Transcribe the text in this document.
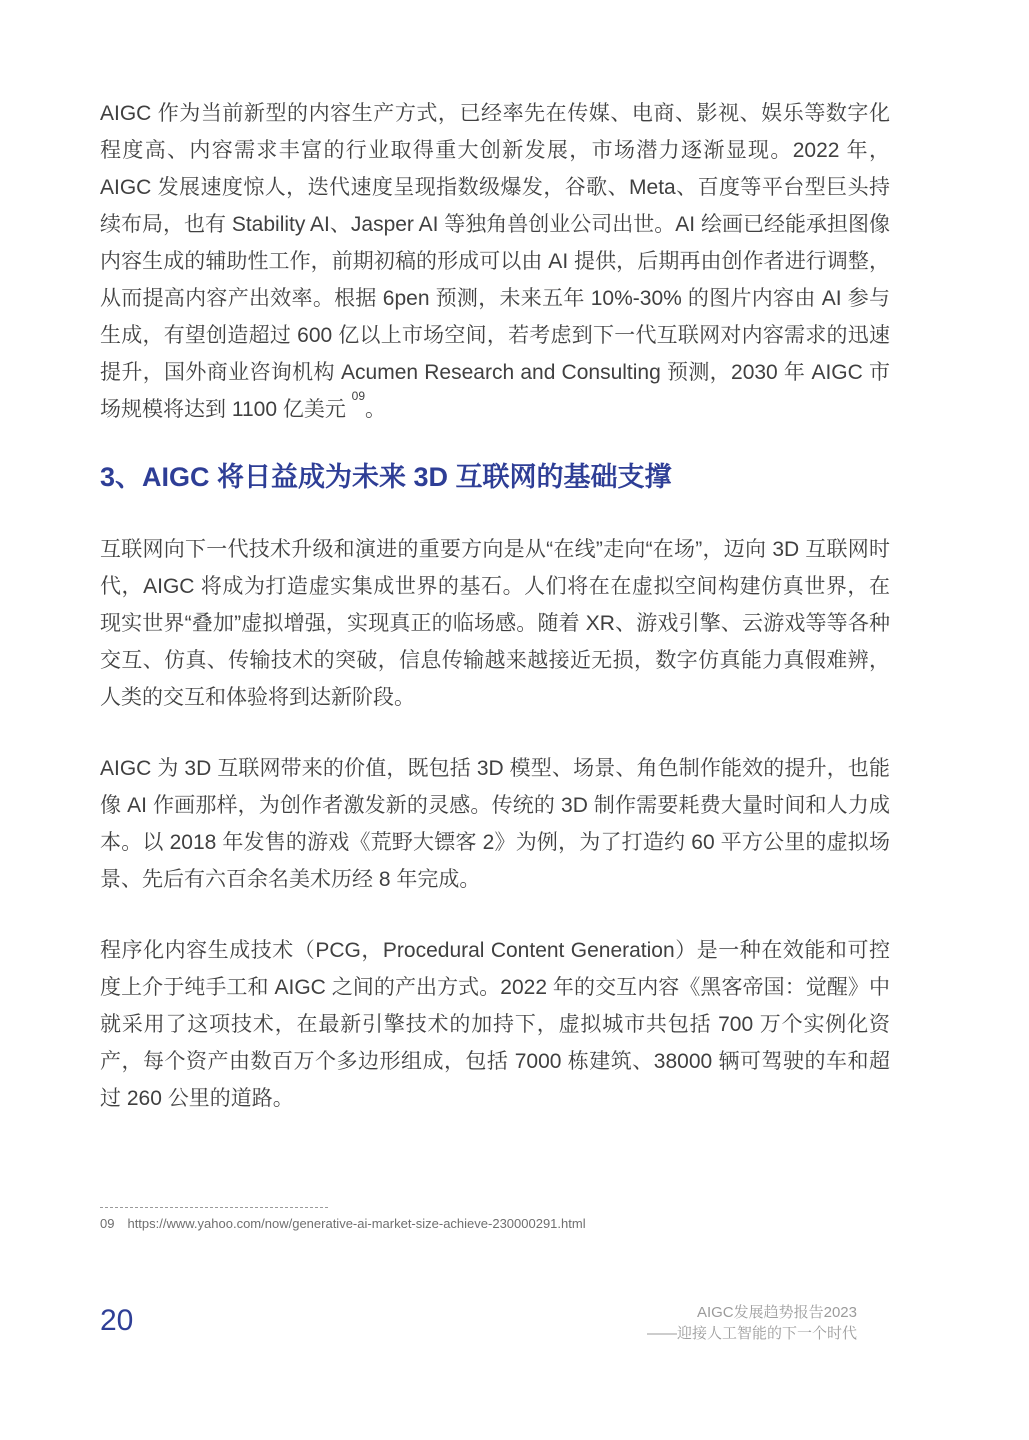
AIGC 作为当前新型的内容生产方式，已经率先在传媒、电商、影视、娱乐等数字化程度高、内容需求丰富的行业取得重大创新发展，市场潜力逐渐显现。2022 年，AIGC 发展速度惊人，迭代速度呈现指数级爆发，谷歌、Meta、百度等平台型巨头持续布局，也有 Stability AI、Jasper AI 等独角兽创业公司出世。AI 绘画已经能承担图像内容生成的辅助性工作，前期初稿的形成可以由 AI 提供，后期再由创作者进行调整，从而提高内容产出效率。根据 6pen 预测，未来五年 10%-30% 的图片内容由 AI 参与生成，有望创造超过 600 亿以上市场空间，若考虑到下一代互联网对内容需求的迅速提升，国外商业咨询机构 Acumen Research and Consulting 预测，2030 年 AIGC 市场规模将达到 1100 亿美元 $^{09}$。

3、AIGC 将日益成为未来 3D 互联网的基础支撑

互联网向下一代技术升级和演进的重要方向是从“在线”走向“在场”，迈向 3D 互联网时代，AIGC 将成为打造虚实集成世界的基石。人们将在在虚拟空间构建仿真世界，在现实世界“叠加”虚拟增强，实现真正的临场感。随着 XR、游戏引擎、云游戏等等各种交互、仿真、传输技术的突破，信息传输越来越接近无损，数字仿真能力真假难辨，人类的交互和体验将到达新阶段。

AIGC 为 3D 互联网带来的价值，既包括 3D 模型、场景、角色制作能效的提升，也能像 AI 作画那样，为创作者激发新的灵感。传统的 3D 制作需要耗费大量时间和人力成本。以 2018 年发售的游戏《荒野大镖客 2》为例，为了打造约 60 平方公里的虚拟场景、先后有六百余名美术历经 8 年完成。

程序化内容生成技术（PCG，Procedural Content Generation）是一种在效能和可控度上介于纯手工和 AIGC 之间的产出方式。2022 年的交互内容《黑客帝国：觉醒》中就采用了这项技术，在最新引擎技术的加持下，虚拟城市共包括 700 万个实例化资产，每个资产由数百万个多边形组成，包括 7000 栋建筑、38000 辆可驾驶的车和超过 260 公里的道路。

09 https://www.yahoo.com/now/generative-ai-market-size-achieve-230000291.html
20	AIGC发展趋势报告2023
——迎接人工智能的下一个时代
